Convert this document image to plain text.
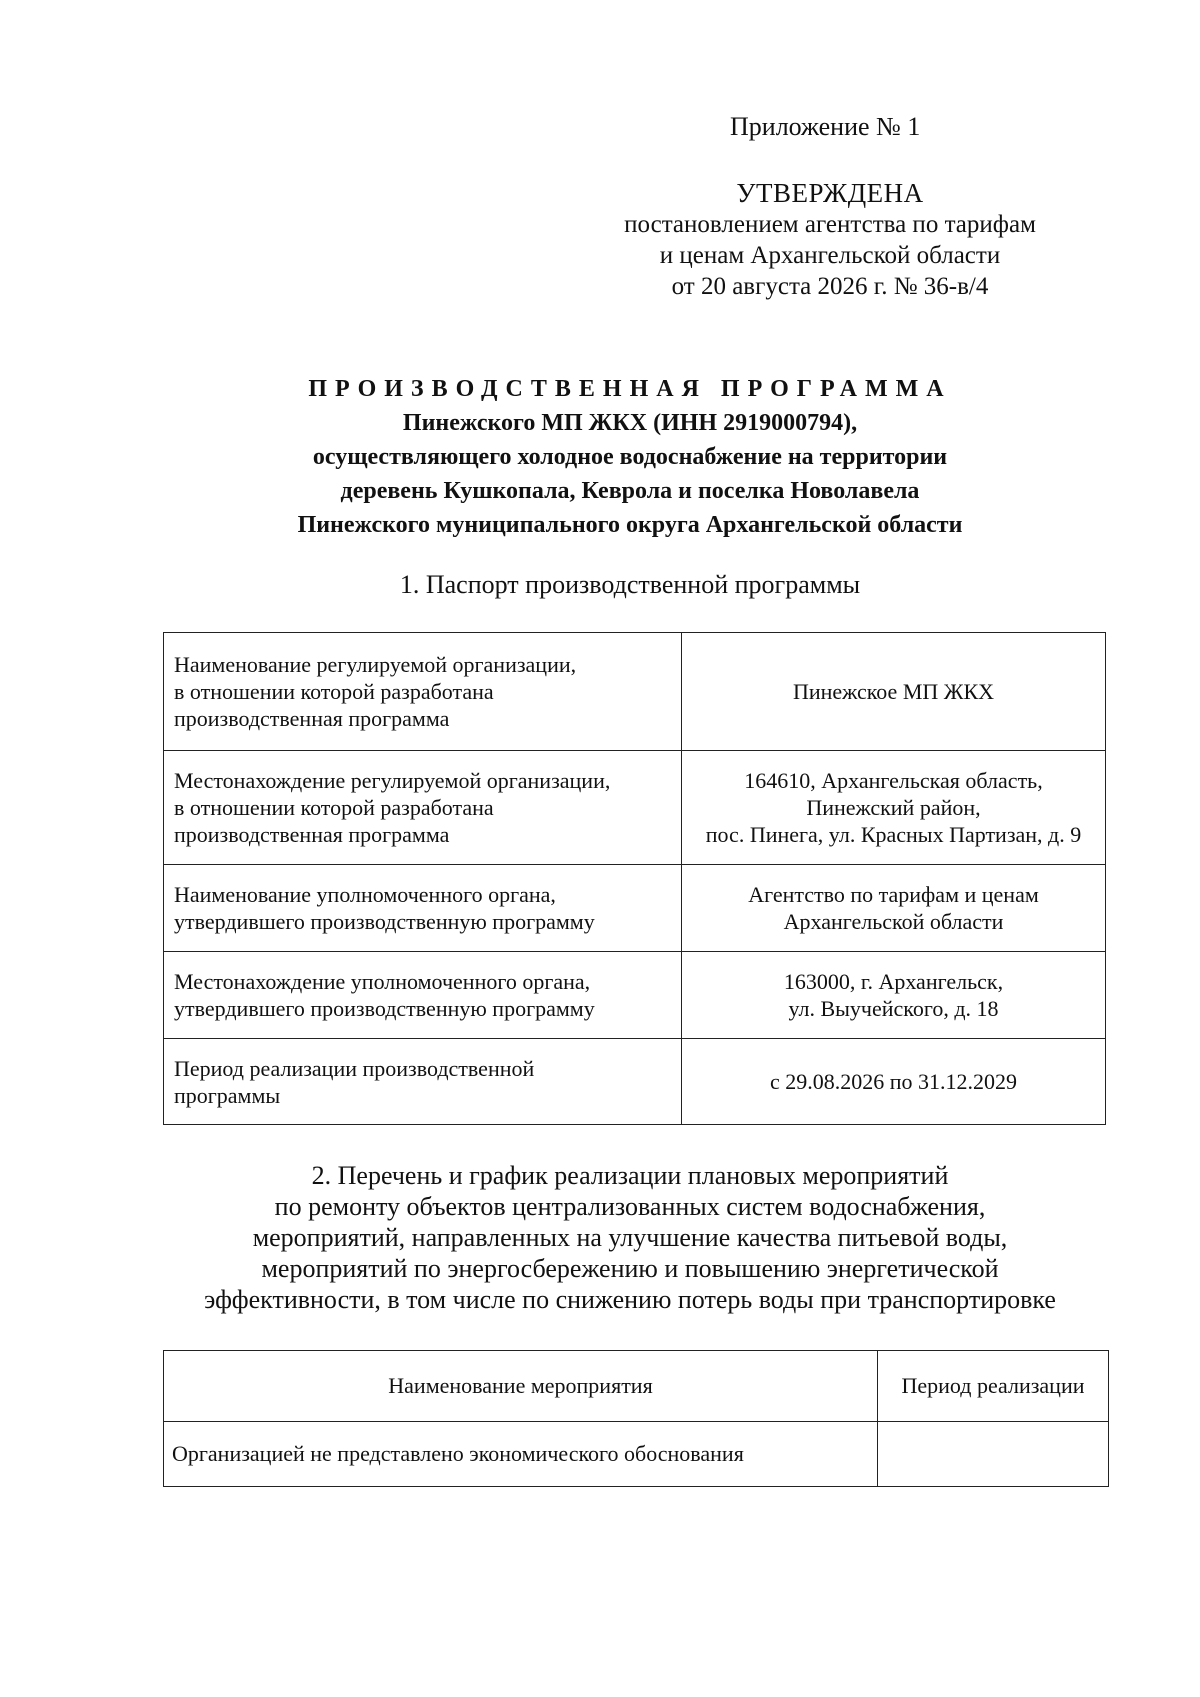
Приложение № 1
УТВЕРЖДЕНА
постановлением агентства по тарифам
и ценам Архангельской области
от 20 августа 2026 г. № 36-в/4
ПРОИЗВОДСТВЕННАЯ ПРОГРАММА
Пинежского МП ЖКХ (ИНН 2919000794),
осуществляющего холодное водоснабжение на территории
деревень Кушкопала, Кеврола и поселка Новолавела
Пинежского муниципального округа Архангельской области
1. Паспорт производственной программы
Наименование регулируемой организации,
в отношении которой разработана
производственная программа	Пинежское МП ЖКХ

Местонахождение регулируемой организации,
в отношении которой разработана
производственная программа	164610, Архангельская область,
Пинежский район,
пос. Пинега, ул. Красных Партизан, д. 9

Наименование уполномоченного органа,
утвердившего производственную программу	Агентство по тарифам и ценам
Архангельской области

Местонахождение уполномоченного органа,
утвердившего производственную программу	163000, г. Архангельск,
ул. Выучейского, д. 18

Период реализации производственной
программы	с 29.08.2026 по 31.12.2029
2. Перечень и график реализации плановых мероприятий
по ремонту объектов централизованных систем водоснабжения,
мероприятий, направленных на улучшение качества питьевой воды,
мероприятий по энергосбережению и повышению энергетической
эффективности, в том числе по снижению потерь воды при транспортировке
Наименование мероприятия	Период реализации
Организацией не представлено экономического обоснования	
